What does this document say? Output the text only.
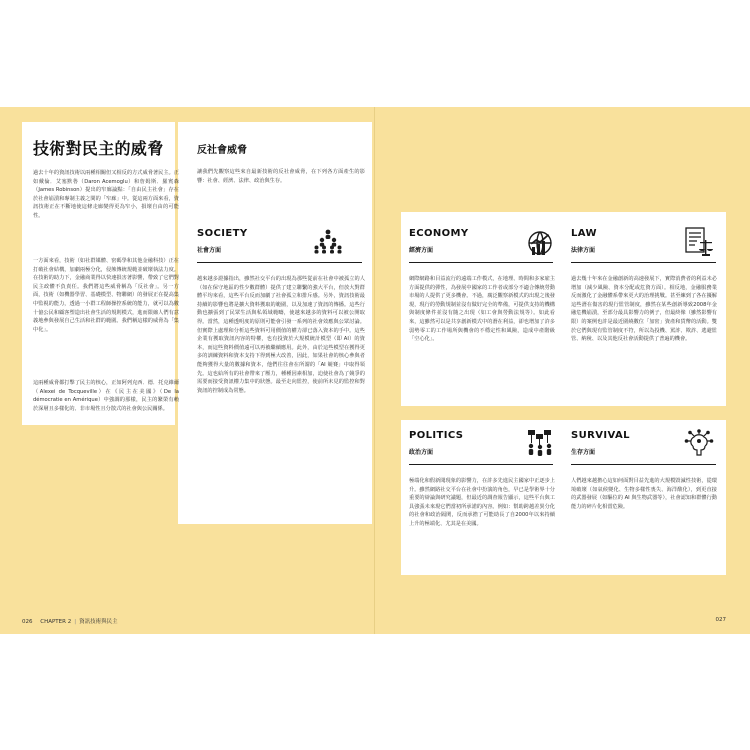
技術對民主的威脅

過去十年的資訊技術以兩種相關但又相反的方式威脅著民主。正如戴倫．艾塞默魯（Daron Acemoglu）和詹姆斯．羅賓森（James Robinson）提出的窄廊論點：「自由民主社會」存在於社會崩潰和專制主義之間的「窄廊」中。從這兩方面來看，資訊技術正在不斷地使這條走廊變得更為窄小，損壞自由的可能性。

一方面來看，技術（如社群媒體、密碼學和其他金融科技）正在打破社會結構，加劇兩極分化，侵蝕傳統規範並破壞執法力度。在技術的助力下，金融商業得以快速損害著影響，帶致了它們對民主政體不負責任。我們將這些威脅稱為「反社會」。另一方面，技術（如機器學習、基礎模型、物聯網）的發展正在提高集中監視的能力，透過一小群工程師操控系統的能力，就可以為數十億公民和顧客塑造出社會生活的規則模式，進而限縮人們有意義地參與發展自己生活和社群的範圍。我們稱這樣的威脅為「集中化」。

這兩種威脅都打擊了民主的核心，正如阿列克西．德．托克維爾（Alexei de Tocqueville）在《民主在美國》（De la démocratie en Amérique）中強調的那樣，民主的繁榮有賴於深層且多樣化的、非市場性且分散式的社會與公民關係。

反社會威脅

讓我們先觀察這些來自最新技術的反社會威脅，在下列各方面產生的影響：社會、經濟、法律、政治與生存。

SOCIETY
社會方面

越來越多證據指出，雖然社交平台的出現為那些從前在社會中被孤立的人（如在保守地區的性少數群體）提供了建立聯繫的強大平台，但放大對群體平均來看，這些平台反而加劇了社會孤立和排斥感。另外，資訊技術最持續的影響也將是擴大資料獲取的範圍，以及加速了資訊的傳播。這些行動也擴張到了民眾生活與私領域範疇，使越來越多的資料可以被公開取得。當然，這種透明度的原則可能會引發一系列的社會效應與公眾討論。但實際上處理和分析這些資料可用價值的權力卻已落入資本的手中。這些企業有獲取資訊內容的特權，也有投資於大規模統計模型（即 AI）的資本，而這些資料價值遠可以再被繼續應用。此外，由於這些模型在獲得更多的訓練資料和資本支持下得到極大改善，因此，如果社會的核心參與者能夠獲得大量的數據和資本，他們往往會在所謂的「AI 競賽」中取得領先。這也給所有的社會帶來了壓力，種種因素相加，迫使社會為了競爭的需要而接受資訊權力集中的狀態。最至走向監控，使前所未見的監控和對資訊的控制成為常態。

ECONOMY
經濟方面

網際網路和目益流行的遠端工作模式，在地理、時間和多家雇主方面提供的彈性，為發展中國家的工作者或部分不適合傳統勞動市場的人提供了更多機會。不過，廣泛觀察新模式的出現之後發現，現行的勞動規制並沒有做好完全的準備，可提供支持的機構與制度條件並沒有隨之出現（如工會與勞動法規等）。如此看來，這雖然可以是共享創新模式中的潛在利益，卻也增加了許多弱勢零工的工作場所與機會的不穩定性和風險，造成中產階級「空心化」。

LAW
法律方面

過去幾十年來在金融創新的高速發展下，實際消費者的利益未必增加（減少風險、資本分配或危資方面）。相反地，金融服務業反而激化了金融體系帶來更大的治理挑戰。甚至練到了各在擾解這些潛在傷害的現行監管制度，雖然在某些創新導致2008年金融危機崩潰，至部分最具影響力的例子，但最終像（雖然影響有限）的案例也許是最近圍繞數位「加密」資產和貨幣的活動。雙於它們與現有監管制度不符，所以為投機、罵詐、欺詐、逃避監管、納稅、以及其他反社會活動提供了普遍的機會。

POLITICS
政治方面

極端化和假新聞現象的影響力，在許多先進民主國家中正逐步上升。雖然網路社交平台在社會中扮演的角色，早已是學術界十分重要的辯論與研究議題，但最近的調查報告顯示，這些平台與工具強張未來現它們當初所承諾的內容。例如：幫助跨越差異分化的社會和政治隔閡，反而承擔了可能助長了自2000年以來持續上升的極端化、尤其是在美國。

SURVIVAL
生存方面

人們越來越擔心這如何面對目益先進的大規模毀滅性技術，從環境破壞（如氣候變化、生物多樣性喪失、海洋酸化），到更直接的武器發展（如驅位的 AI 與生物武器等），社會認知和群體行動能力的碎片化相當危險。

026 CHAPTER 2 | 資訊技術與民主	027
